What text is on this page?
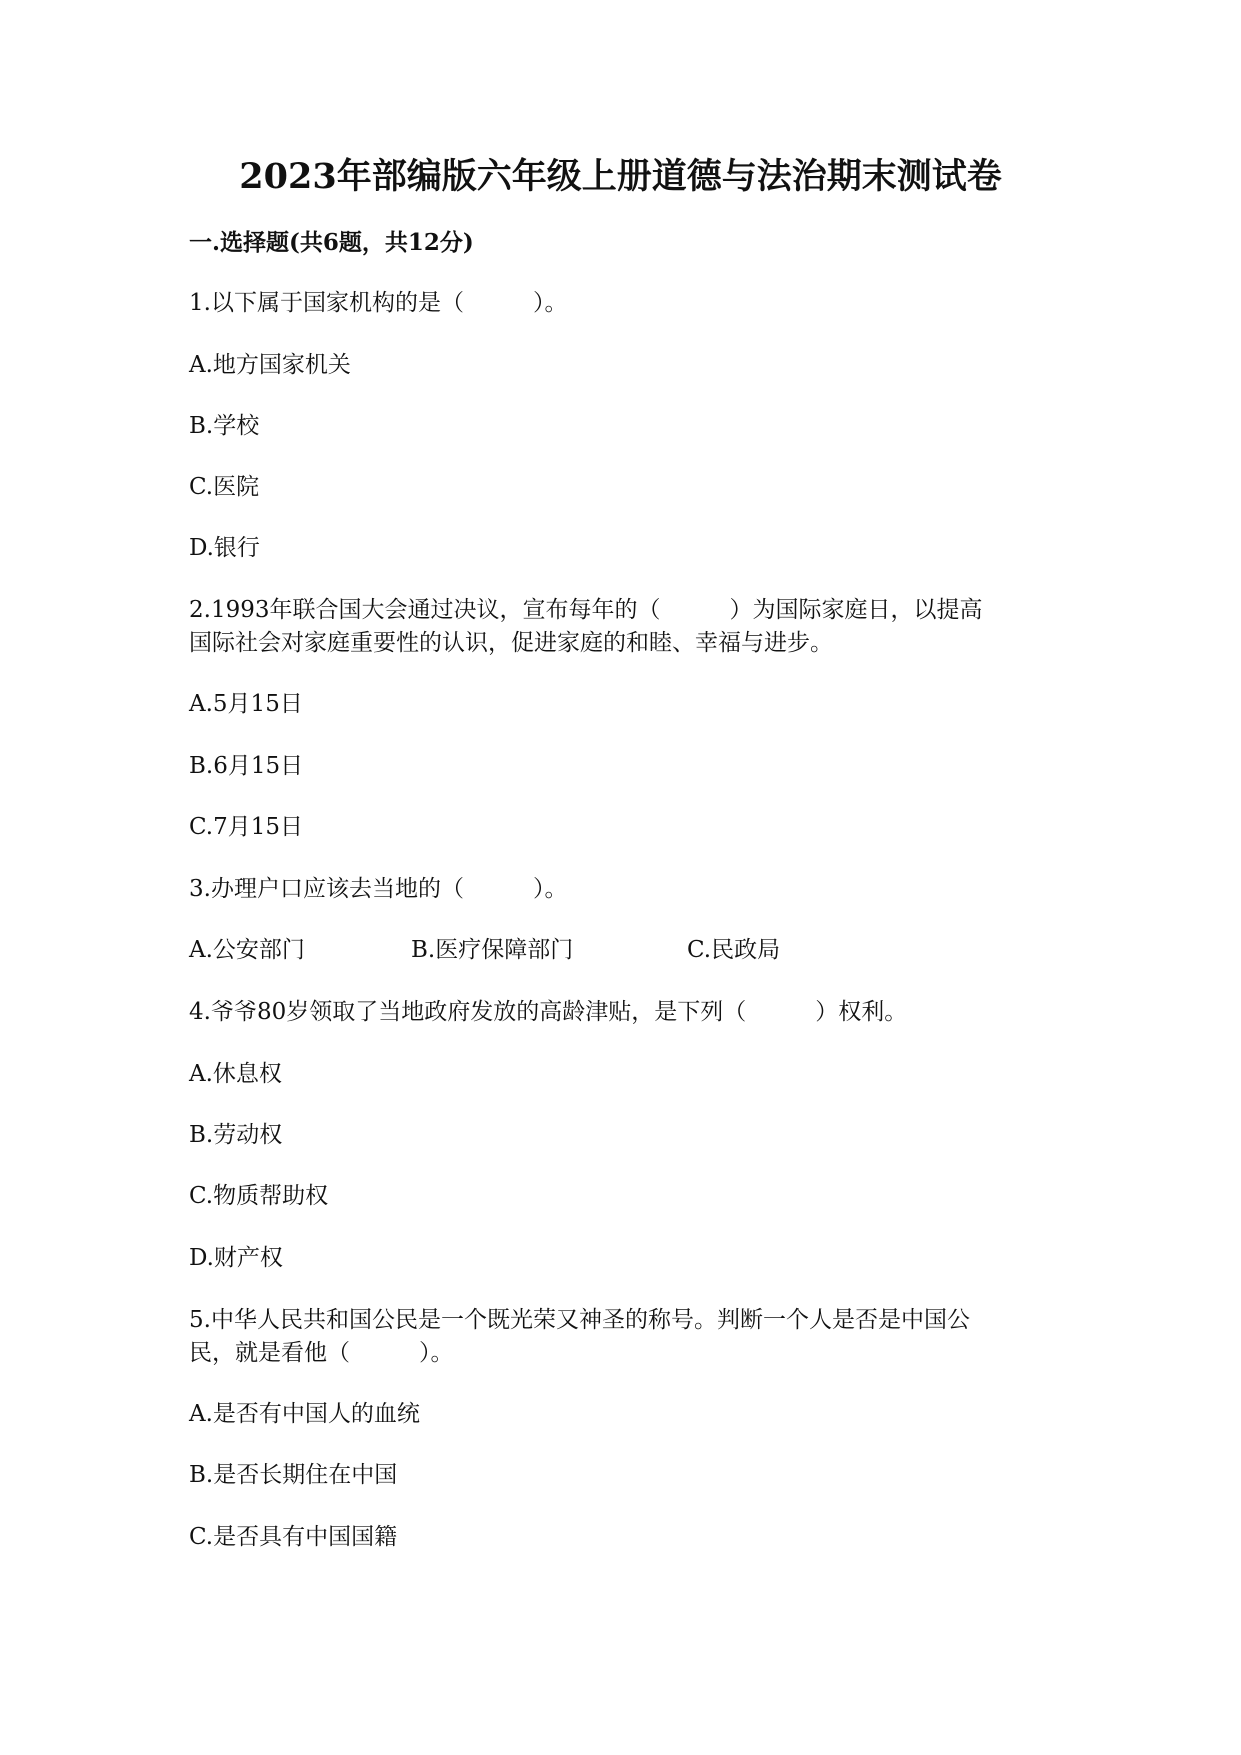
2023年部编版六年级上册道德与法治期末测试卷
一.选择题(共6题，共12分)

1.以下属于国家机构的是（　　　）。

A.地方国家机关

B.学校

C.医院

D.银行

2.1993年联合国大会通过决议，宣布每年的（　　　）为国际家庭日，以提高

国际社会对家庭重要性的认识，促进家庭的和睦、幸福与进步。

A.5月15日

B.6月15日

C.7月15日

3.办理户口应该去当地的（　　　）。

A.公安部门	B.医疗保障部门	C.民政局

4.爷爷80岁领取了当地政府发放的高龄津贴，是下列（　　　）权利。

A.休息权

B.劳动权

C.物质帮助权

D.财产权

5.中华人民共和国公民是一个既光荣又神圣的称号。判断一个人是否是中国公

民，就是看他（　　　）。

A.是否有中国人的血统

B.是否长期住在中国

C.是否具有中国国籍
